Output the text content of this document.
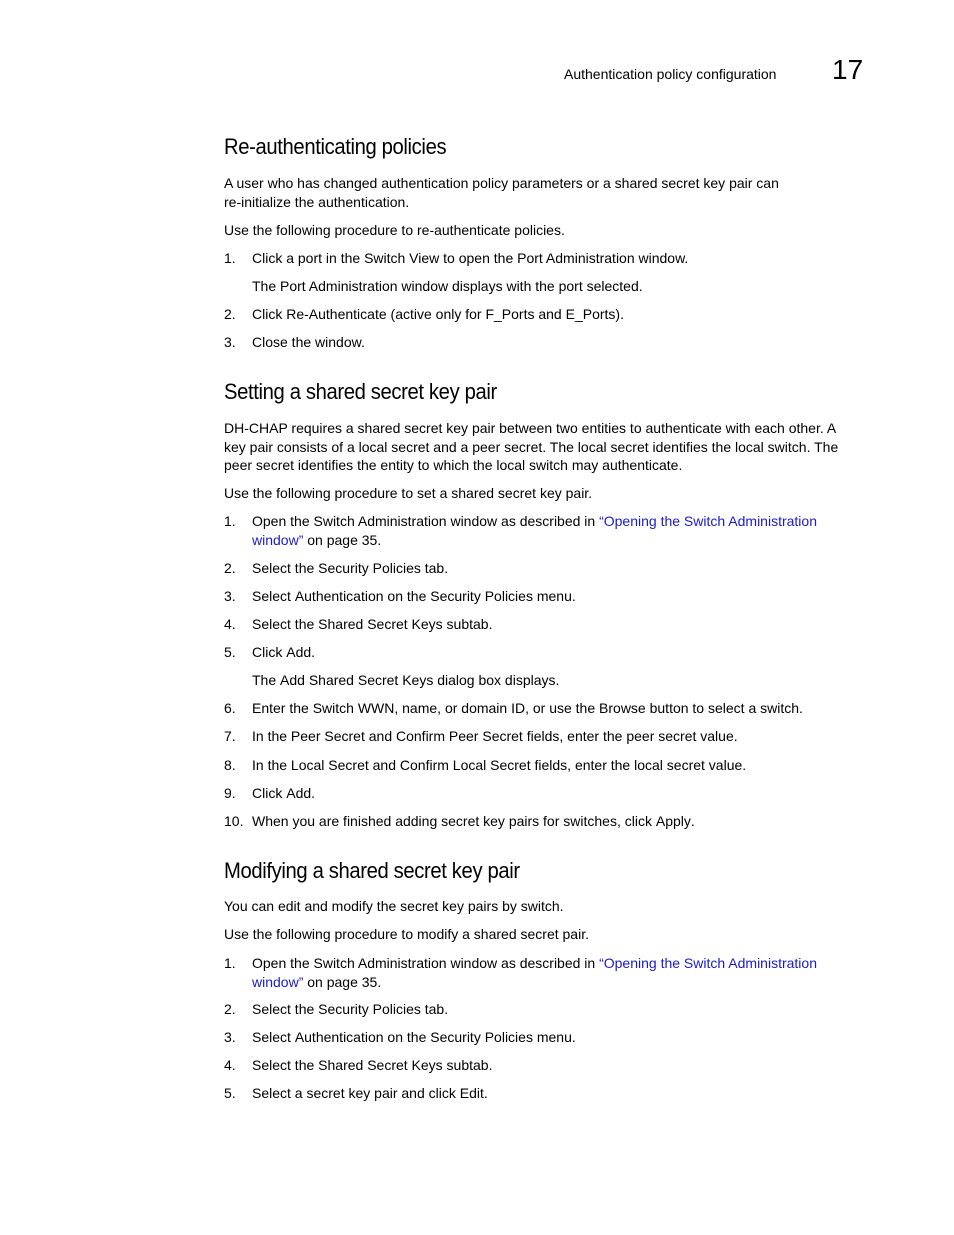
Authentication policy configuration 17
Re-authenticating policies
A user who has changed authentication policy parameters or a shared secret key pair can
re-initialize the authentication.
Use the following procedure to re-authenticate policies.
1. Click a port in the Switch View to open the Port Administration window.
The Port Administration window displays with the port selected.
2. Click Re-Authenticate (active only for F_Ports and E_Ports).
3. Close the window.
Setting a shared secret key pair
DH-CHAP requires a shared secret key pair between two entities to authenticate with each other. A
key pair consists of a local secret and a peer secret. The local secret identifies the local switch. The
peer secret identifies the entity to which the local switch may authenticate.
Use the following procedure to set a shared secret key pair.
1. Open the Switch Administration window as described in “Opening the Switch Administration
window” on page 35.
2. Select the Security Policies tab.
3. Select Authentication on the Security Policies menu.
4. Select the Shared Secret Keys subtab.
5. Click Add.
The Add Shared Secret Keys dialog box displays.
6. Enter the Switch WWN, name, or domain ID, or use the Browse button to select a switch.
7. In the Peer Secret and Confirm Peer Secret fields, enter the peer secret value.
8. In the Local Secret and Confirm Local Secret fields, enter the local secret value.
9. Click Add.
10. When you are finished adding secret key pairs for switches, click Apply.
Modifying a shared secret key pair
You can edit and modify the secret key pairs by switch.
Use the following procedure to modify a shared secret pair.
1. Open the Switch Administration window as described in “Opening the Switch Administration
window” on page 35.
2. Select the Security Policies tab.
3. Select Authentication on the Security Policies menu.
4. Select the Shared Secret Keys subtab.
5. Select a secret key pair and click Edit.
